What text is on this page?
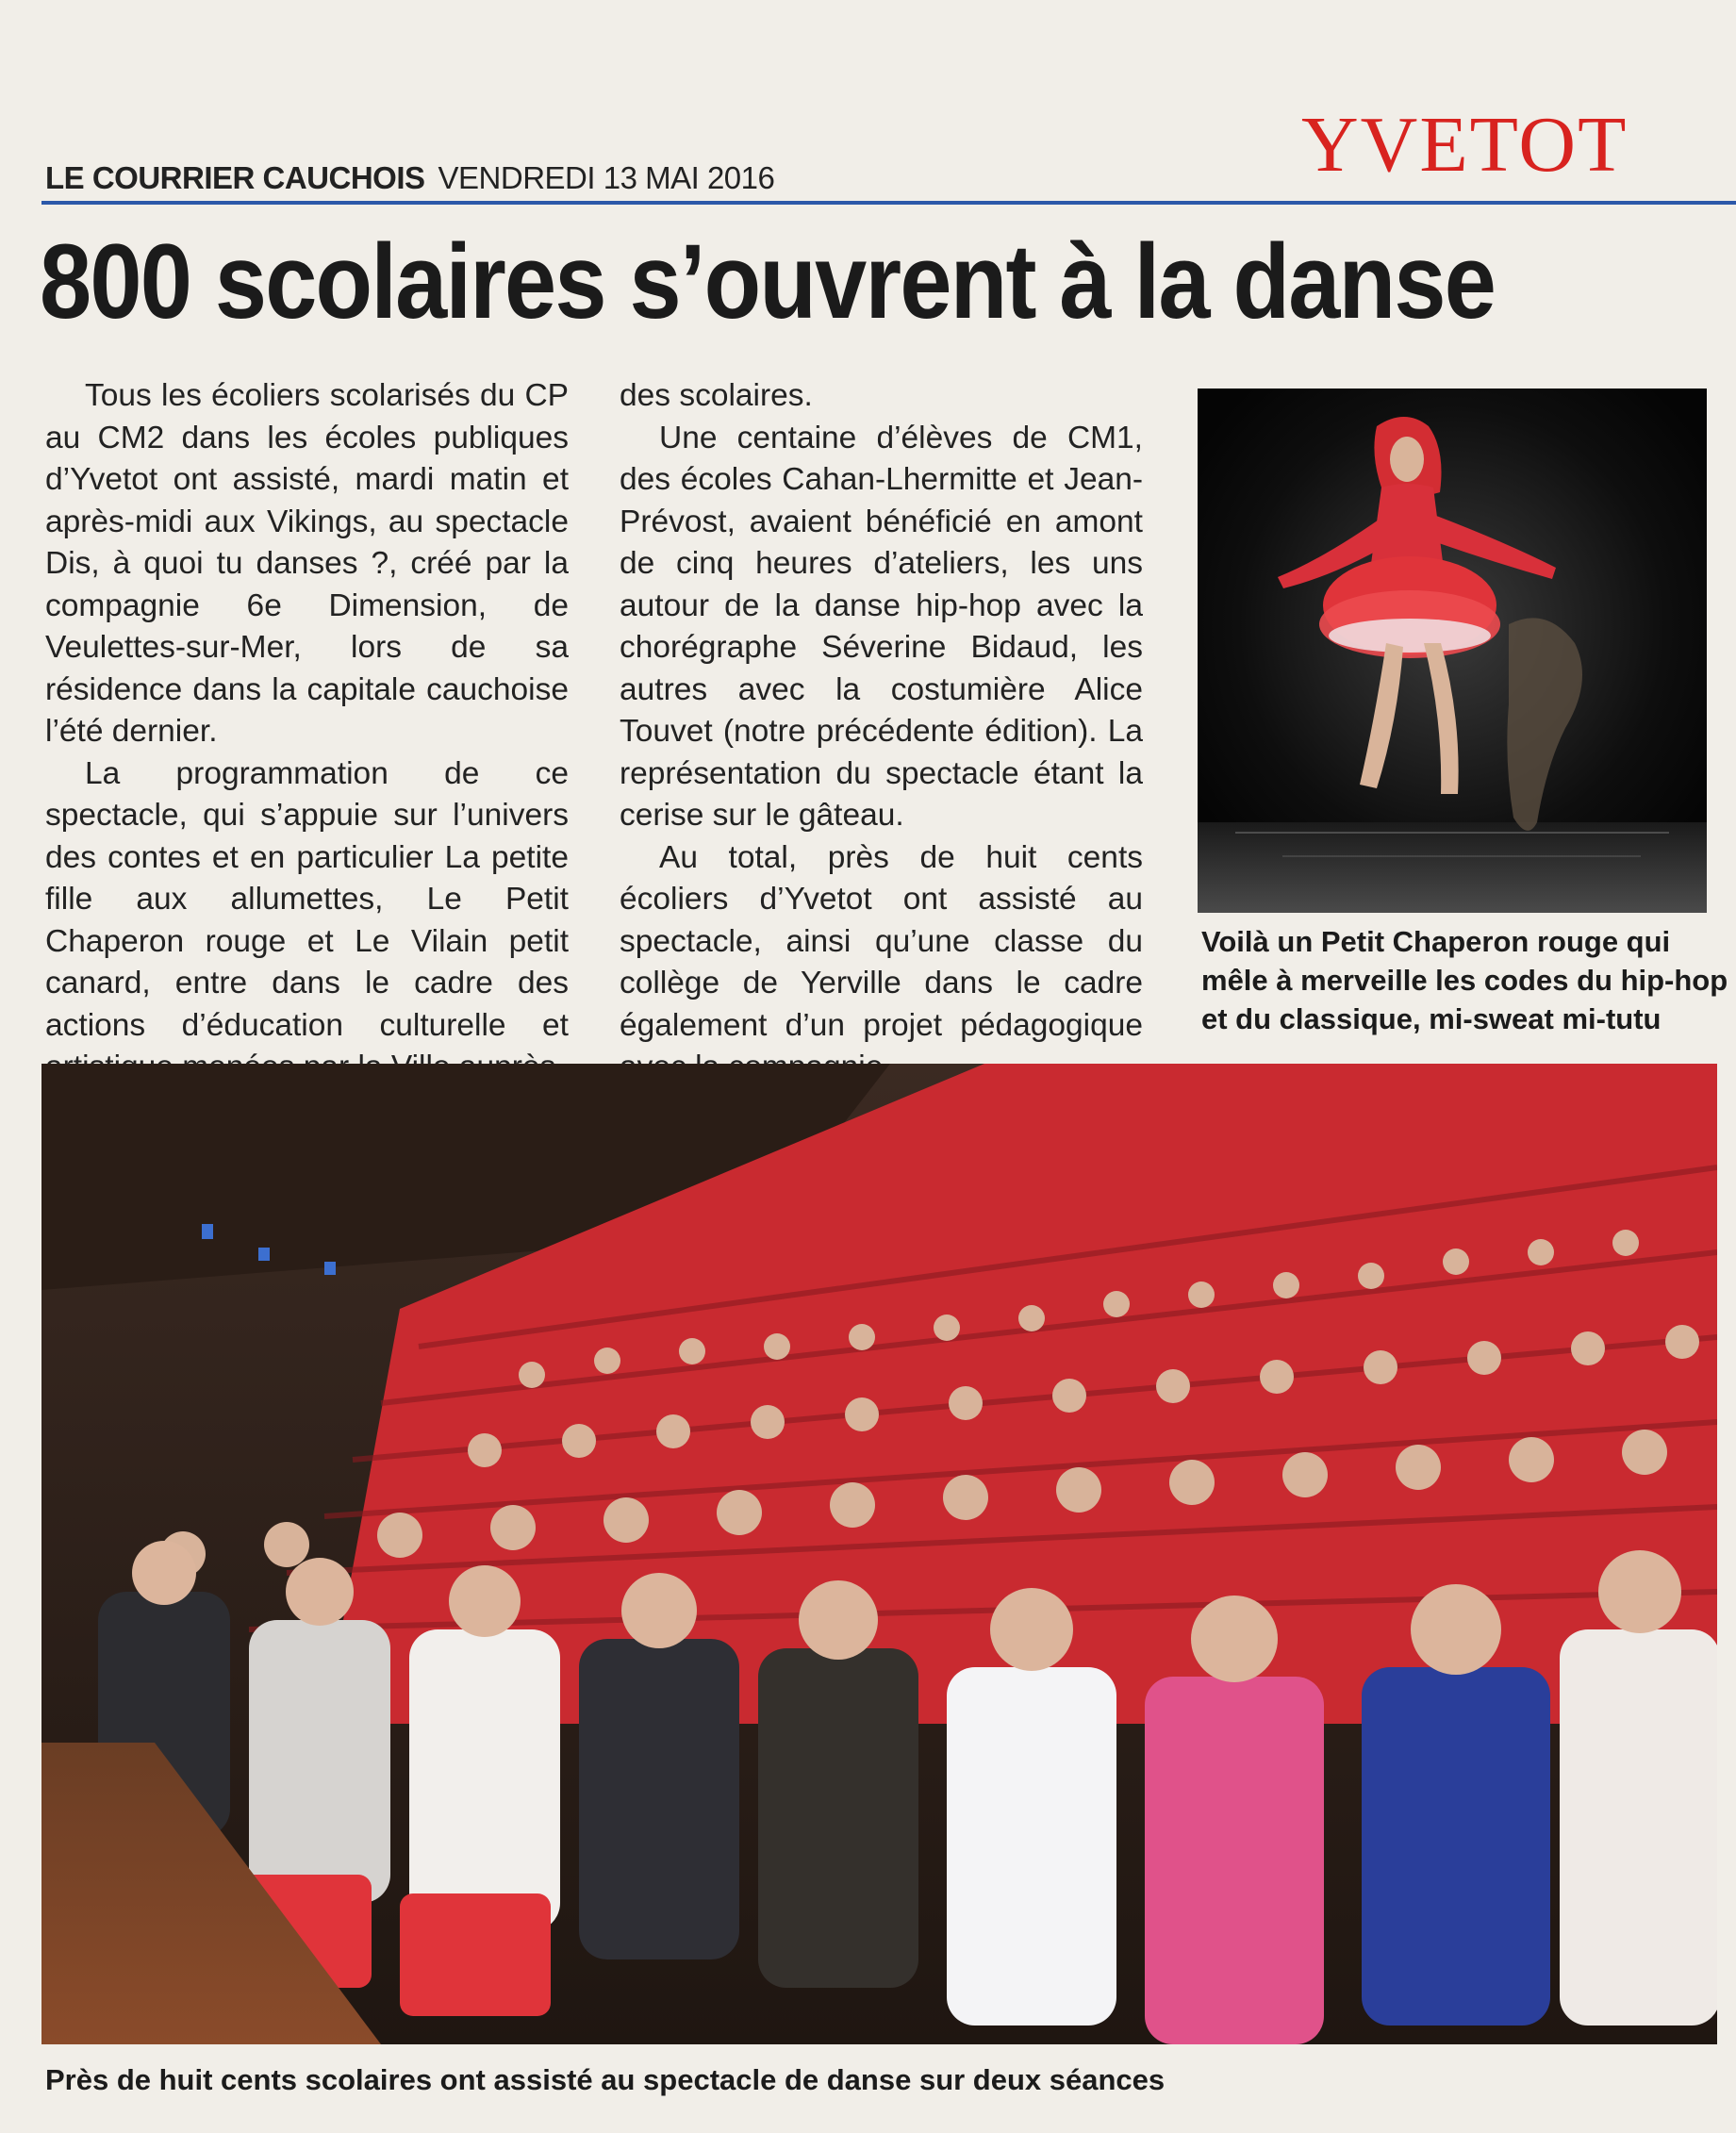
LE COURRIER CAUCHOIS VENDREDI 13 MAI 2016	YVETOT
800 scolaires s’ouvrent à la danse

Tous les écoliers scolarisés du CP au CM2 dans les écoles publiques d’Yvetot ont assisté, mardi matin et après-midi aux Vikings, au spectacle Dis, à quoi tu danses ?, créé par la compagnie 6e Dimension, de Veulettes-sur-Mer, lors de sa résidence dans la capitale cauchoise l’été dernier.

La programmation de ce spectacle, qui s’appuie sur l’univers des contes et en particulier La petite fille aux allumettes, Le Petit Chaperon rouge et Le Vilain petit canard, entre dans le cadre des actions d’éducation culturelle et

des scolaires.

Une centaine d’élèves de CM1, des écoles Cahan-Lhermitte et Jean-Prévost, avaient bénéficié en amont de cinq heures d’ateliers, les uns autour de la danse hip-hop avec la chorégraphe Séverine Bidaud, les autres avec la costumière Alice Touvet (notre précédente édition). La représentation du spectacle étant la cerise sur le gâteau.

Au total, près de huit cents écoliers d’Yvetot ont assisté au spectacle, ainsi qu’une classe du collège de Yerville dans le cadre également d’un projet pédagogique

Voilà un Petit Chaperon rouge qui mêle à merveille les codes du hip-hop et du classique, mi-sweat mi-tutu
Près de huit cents scolaires ont assisté au spectacle de danse sur deux séances
